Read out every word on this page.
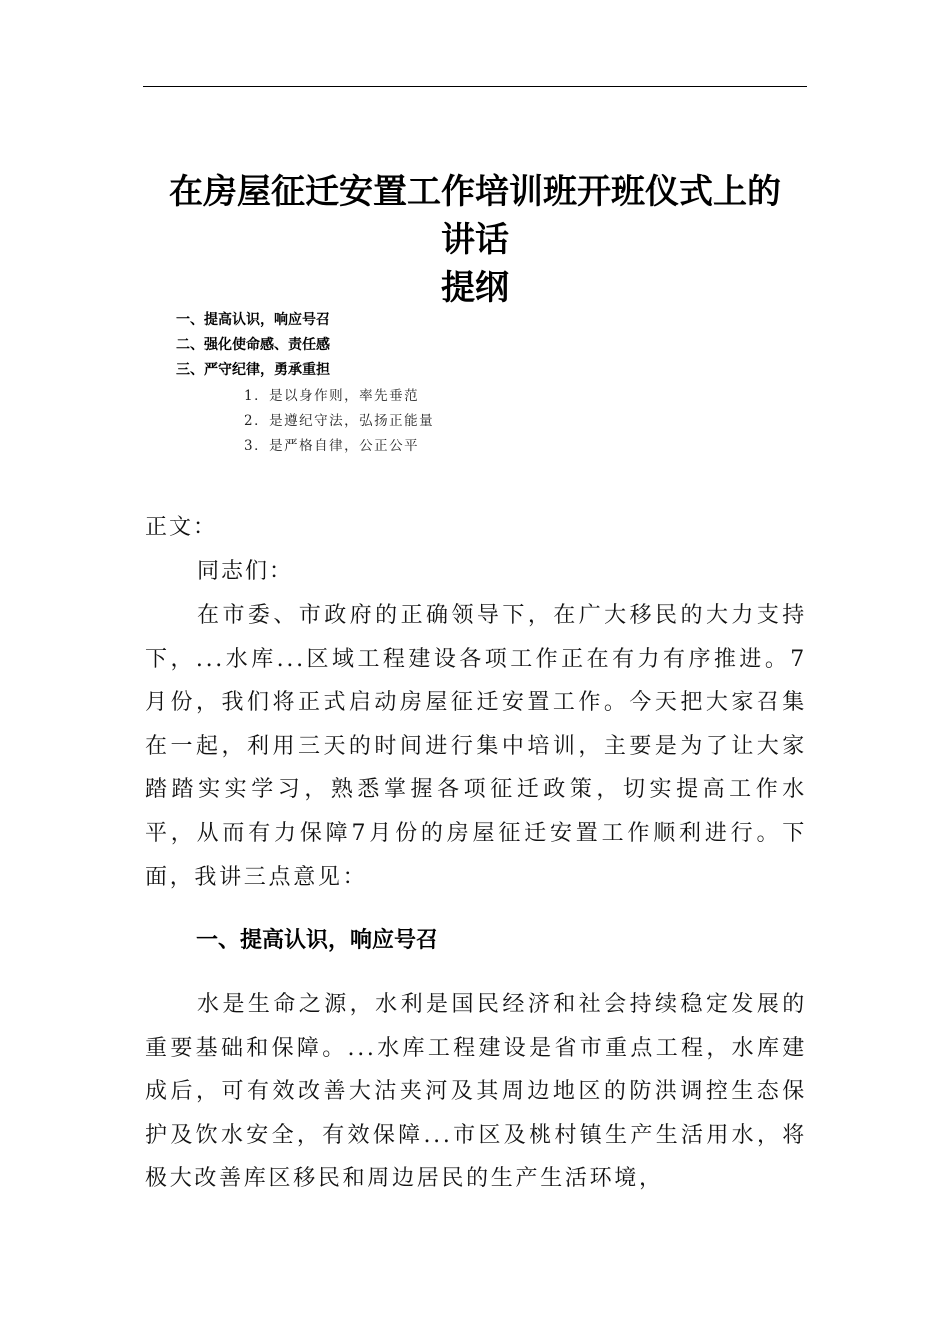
在房屋征迁安置工作培训班开班仪式上的
讲话
提纲
一、提高认识，响应号召
二、强化使命感、责任感
三、严守纪律，勇承重担
1．是以身作则，率先垂范
2．是遵纪守法，弘扬正能量
3．是严格自律，公正公平
正文：
同志们：

在市委、市政府的正确领导下，在广大移民的大力支持下，...水库...区域工程建设各项工作正在有力有序推进。7月份，我们将正式启动房屋征迁安置工作。今天把大家召集在一起，利用三天的时间进行集中培训，主要是为了让大家踏踏实实学习，熟悉掌握各项征迁政策，切实提高工作水平，从而有力保障7月份的房屋征迁安置工作顺利进行。下面，我讲三点意见：

一、提高认识，响应号召

水是生命之源，水利是国民经济和社会持续稳定发展的重要基础和保障。...水库工程建设是省市重点工程，水库建成后，可有效改善大沽夹河及其周边地区的防洪调控生态保护及饮水安全，有效保障...市区及桃村镇生产生活用水，将极大改善库区移民和周边居民的生产生活环境，
